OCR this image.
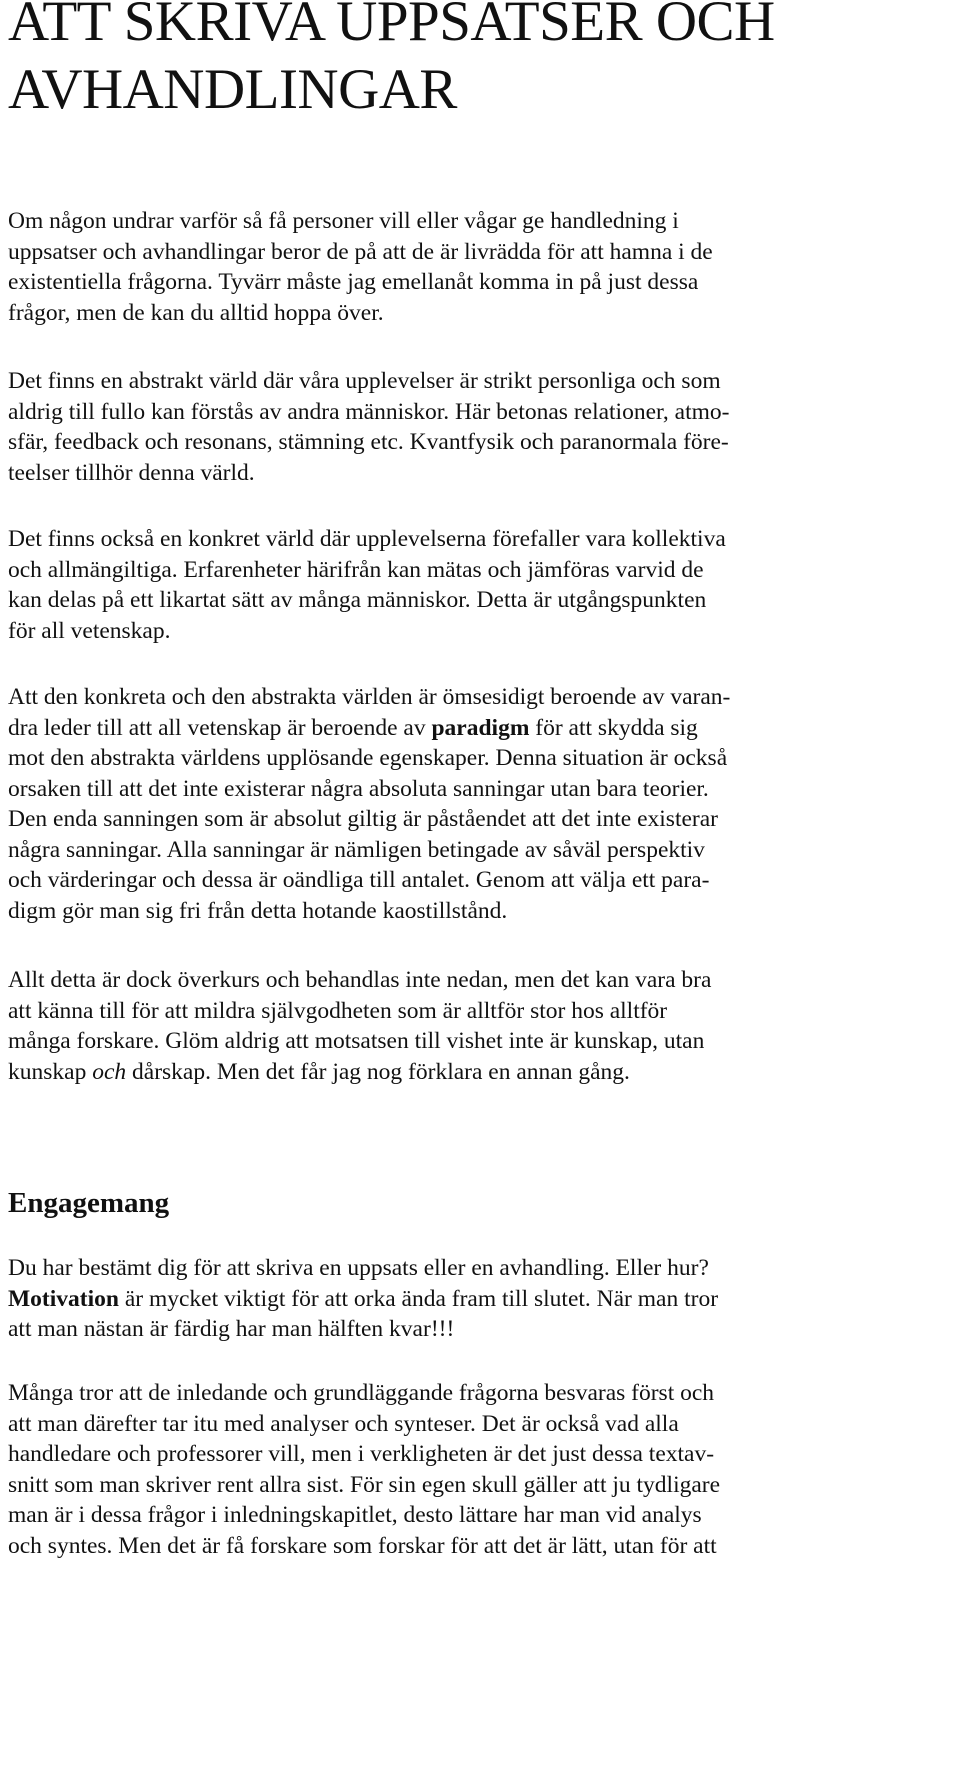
ATT SKRIVA UPPSATSER OCH
AVHANDLINGAR

Om någon undrar varför så få personer vill eller vågar ge handledning i
uppsatser och avhandlingar beror de på att de är livrädda för att hamna i de
existentiella frågorna. Tyvärr måste jag emellanåt komma in på just dessa
frågor, men de kan du alltid hoppa över.

Det finns en abstrakt värld där våra upplevelser är strikt personliga och som
aldrig till fullo kan förstås av andra människor. Här betonas relationer, atmo-
sfär, feedback och resonans, stämning etc. Kvantfysik och paranormala före-
teelser tillhör denna värld.

Det finns också en konkret värld där upplevelserna förefaller vara kollektiva
och allmängiltiga. Erfarenheter härifrån kan mätas och jämföras varvid de
kan delas på ett likartat sätt av många människor. Detta är utgångspunkten
för all vetenskap.

Att den konkreta och den abstrakta världen är ömsesidigt beroende av varan-
dra leder till att all vetenskap är beroende av paradigm för att skydda sig
mot den abstrakta världens upplösande egenskaper. Denna situation är också
orsaken till att det inte existerar några absoluta sanningar utan bara teorier.
Den enda sanningen som är absolut giltig är påståendet att det inte existerar
några sanningar. Alla sanningar är nämligen betingade av såväl perspektiv
och värderingar och dessa är oändliga till antalet. Genom att välja ett para-
digm gör man sig fri från detta hotande kaostillstånd.

Allt detta är dock överkurs och behandlas inte nedan, men det kan vara bra
att känna till för att mildra självgodheten som är alltför stor hos alltför
många forskare. Glöm aldrig att motsatsen till vishet inte är kunskap, utan
kunskap och dårskap. Men det får jag nog förklara en annan gång.

Engagemang

Du har bestämt dig för att skriva en uppsats eller en avhandling. Eller hur?
Motivation är mycket viktigt för att orka ända fram till slutet. När man tror
att man nästan är färdig har man hälften kvar!!!

Många tror att de inledande och grundläggande frågorna besvaras först och
att man därefter tar itu med analyser och synteser. Det är också vad alla
handledare och professorer vill, men i verkligheten är det just dessa textav-
snitt som man skriver rent allra sist. För sin egen skull gäller att ju tydligare
man är i dessa frågor i inledningskapitlet, desto lättare har man vid analys
och syntes. Men det är få forskare som forskar för att det är lätt, utan för att
